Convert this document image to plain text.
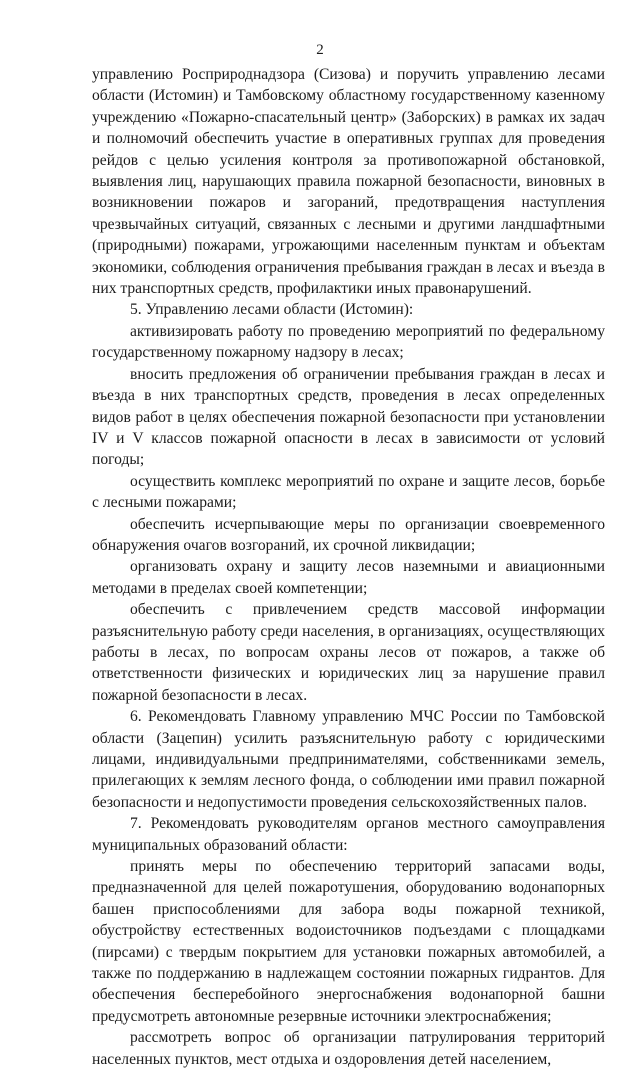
2

управлению Росприроднадзора (Сизова) и поручить управлению лесами области (Истомин) и Тамбовскому областному государственному казенному учреждению «Пожарно-спасательный центр» (Заборских) в рамках их задач и полномочий обеспечить участие в оперативных группах для проведения рейдов с целью усиления контроля за противопожарной обстановкой, выявления лиц, нарушающих правила пожарной безопасности, виновных в возникновении пожаров и загораний, предотвращения наступления чрезвычайных ситуаций, связанных с лесными и другими ландшафтными (природными) пожарами, угрожающими населенным пунктам и объектам экономики, соблюдения ограничения пребывания граждан в лесах и въезда в них транспортных средств, профилактики иных правонарушений.

5. Управлению лесами области (Истомин):

активизировать работу по проведению мероприятий по федеральному государственному пожарному надзору в лесах;

вносить предложения об ограничении пребывания граждан в лесах и въезда в них транспортных средств, проведения в лесах определенных видов работ в целях обеспечения пожарной безопасности при установлении IV и V классов пожарной опасности в лесах в зависимости от условий погоды;

осуществить комплекс мероприятий по охране и защите лесов, борьбе с лесными пожарами;

обеспечить исчерпывающие меры по организации своевременного обнаружения очагов возгораний, их срочной ликвидации;

организовать охрану и защиту лесов наземными и авиационными методами в пределах своей компетенции;

обеспечить с привлечением средств массовой информации разъяснительную работу среди населения, в организациях, осуществляющих работы в лесах, по вопросам охраны лесов от пожаров, а также об ответственности физических и юридических лиц за нарушение правил пожарной безопасности в лесах.

6. Рекомендовать Главному управлению МЧС России по Тамбовской области (Зацепин) усилить разъяснительную работу с юридическими лицами, индивидуальными предпринимателями, собственниками земель, прилегающих к землям лесного фонда, о соблюдении ими правил пожарной безопасности и недопустимости проведения сельскохозяйственных палов.

7. Рекомендовать руководителям органов местного самоуправления муниципальных образований области:

принять меры по обеспечению территорий запасами воды, предназначенной для целей пожаротушения, оборудованию водонапорных башен приспособлениями для забора воды пожарной техникой, обустройству естественных водоисточников подъездами с площадками (пирсами) с твердым покрытием для установки пожарных автомобилей, а также по поддержанию в надлежащем состоянии пожарных гидрантов. Для обеспечения бесперебойного энергоснабжения водонапорной башни предусмотреть автономные резервные источники электроснабжения;

рассмотреть вопрос об организации патрулирования территорий населенных пунктов, мест отдыха и оздоровления детей населением,
